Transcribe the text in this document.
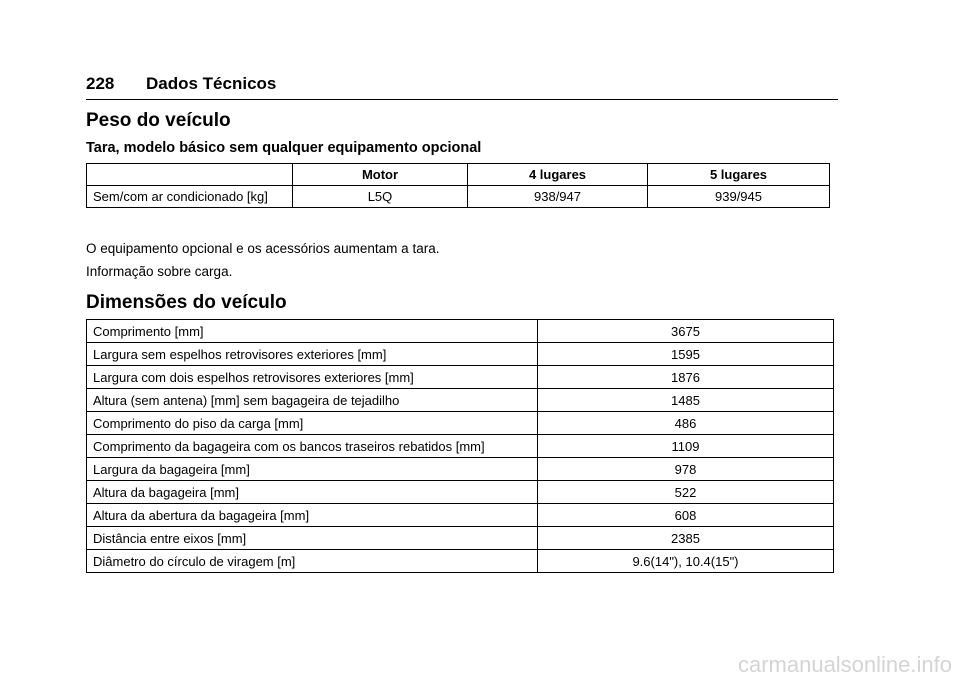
228 Dados Técnicos
Peso do veículo
Tara, modelo básico sem qualquer equipamento opcional
	Motor	4 lugares	5 lugares
Sem/com ar condicionado [kg]	L5Q	938/947	939/945
O equipamento opcional e os acessórios aumentam a tara.
Informação sobre carga.
Dimensões do veículo
Comprimento [mm]	3675
Largura sem espelhos retrovisores exteriores [mm]	1595
Largura com dois espelhos retrovisores exteriores [mm]	1876
Altura (sem antena) [mm] sem bagageira de tejadilho	1485
Comprimento do piso da carga [mm]	486
Comprimento da bagageira com os bancos traseiros rebatidos [mm]	1109
Largura da bagageira [mm]	978
Altura da bagageira [mm]	522
Altura da abertura da bagageira [mm]	608
Distância entre eixos [mm]	2385
Diâmetro do círculo de viragem [m]	9.6(14"), 10.4(15")
carmanualsonline.info
